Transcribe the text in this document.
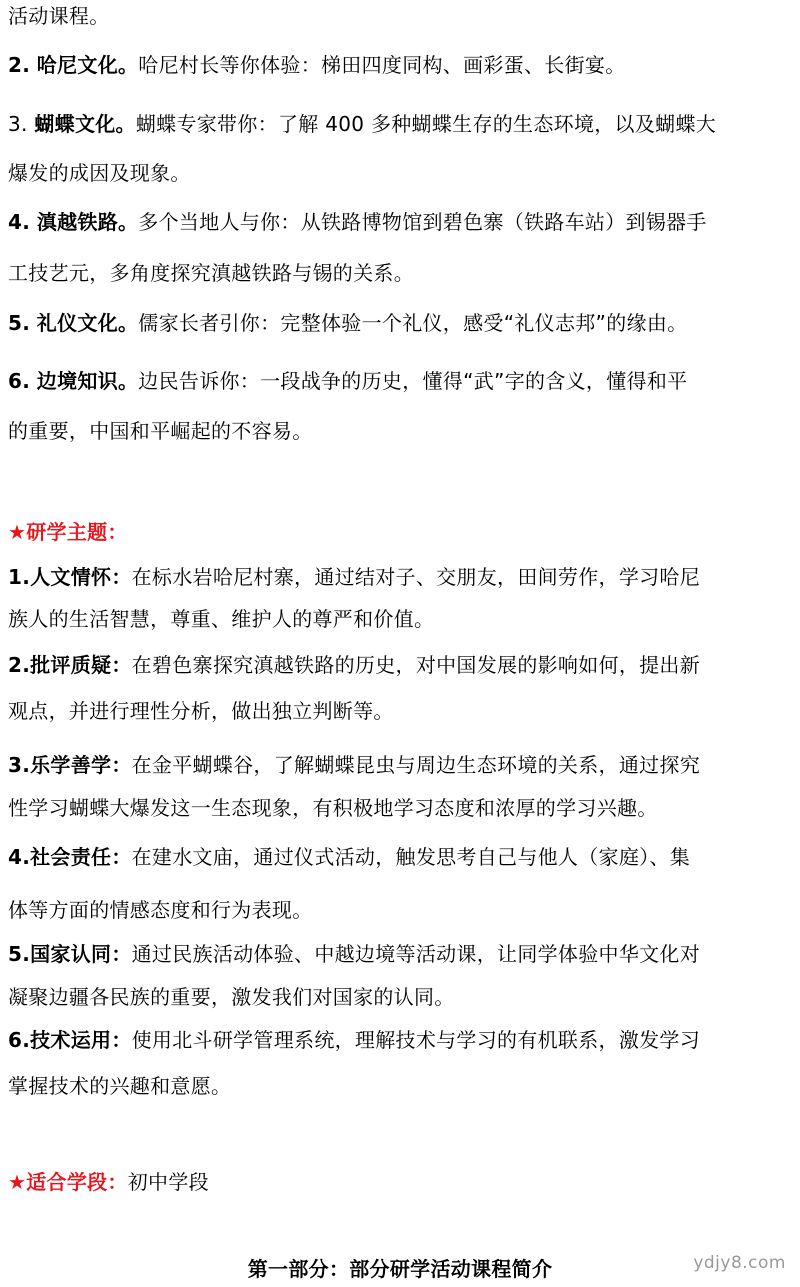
活动课程。
2. 哈尼文化。哈尼村长等你体验：梯田四度同构、画彩蛋、长街宴。
3. 蝴蝶文化。蝴蝶专家带你：了解 400 多种蝴蝶生存的生态环境，以及蝴蝶大
爆发的成因及现象。
4. 滇越铁路。多个当地人与你：从铁路博物馆到碧色寨（铁路车站）到锡器手
工技艺元，多角度探究滇越铁路与锡的关系。
5. 礼仪文化。儒家长者引你：完整体验一个礼仪，感受“礼仪志邦”的缘由。
6. 边境知识。边民告诉你：一段战争的历史，懂得“武”字的含义，懂得和平
的重要，中国和平崛起的不容易。
★研学主题：
1.人文情怀：在标水岩哈尼村寨，通过结对子、交朋友，田间劳作，学习哈尼
族人的生活智慧，尊重、维护人的尊严和价值。
2.批评质疑：在碧色寨探究滇越铁路的历史，对中国发展的影响如何，提出新
观点，并进行理性分析，做出独立判断等。
3.乐学善学：在金平蝴蝶谷，了解蝴蝶昆虫与周边生态环境的关系，通过探究
性学习蝴蝶大爆发这一生态现象，有积极地学习态度和浓厚的学习兴趣。
4.社会责任：在建水文庙，通过仪式活动，触发思考自己与他人（家庭）、集
体等方面的情感态度和行为表现。
5.国家认同：通过民族活动体验、中越边境等活动课，让同学体验中华文化对
凝聚边疆各民族的重要，激发我们对国家的认同。
6.技术运用：使用北斗研学管理系统，理解技术与学习的有机联系，激发学习
掌握技术的兴趣和意愿。
★适合学段：初中学段
第一部分：部分研学活动课程简介	ydjy8.com
